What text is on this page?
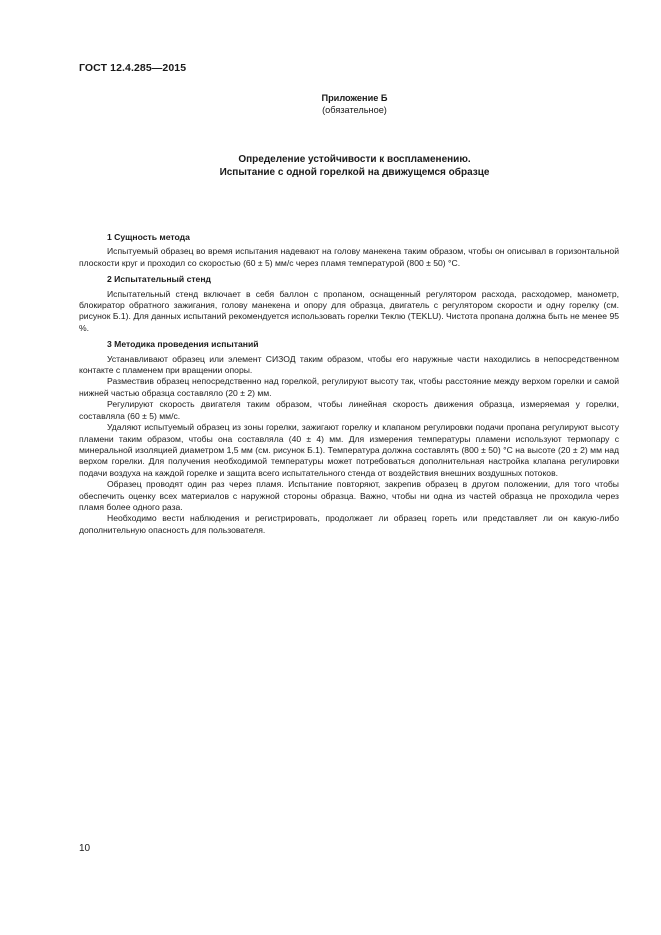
ГОСТ 12.4.285—2015
Приложение Б
(обязательное)
Определение устойчивости к воспламенению.
Испытание с одной горелкой на движущемся образце

1 Сущность метода

Испытуемый образец во время испытания надевают на голову манекена таким образом, чтобы он описывал в горизонтальной плоскости круг и проходил со скоростью (60 ± 5) мм/с через пламя температурой (800 ± 50) °С.

2 Испытательный стенд

Испытательный стенд включает в себя баллон с пропаном, оснащенный регулятором расхода, расходомер, манометр, блокиратор обратного зажигания, голову манекена и опору для образца, двигатель с регулятором скорости и одну горелку (см. рисунок Б.1). Для данных испытаний рекомендуется использовать горелки Теклю (TEKLU). Чистота пропана должна быть не менее 95 %.

3 Методика проведения испытаний

Устанавливают образец или элемент СИЗОД таким образом, чтобы его наружные части находились в непосредственном контакте с пламенем при вращении опоры.

Размествив образец непосредственно над горелкой, регулируют высоту так, чтобы расстояние между верхом горелки и самой нижней частью образца составляло (20 ± 2) мм.

Регулируют скорость двигателя таким образом, чтобы линейная скорость движения образца, измеряемая у горелки, составляла (60 ± 5) мм/с.

Удаляют испытуемый образец из зоны горелки, зажигают горелку и клапаном регулировки подачи пропана регулируют высоту пламени таким образом, чтобы она составляла (40 ± 4) мм. Для измерения температуры пламени используют термопару с минеральной изоляцией диаметром 1,5 мм (см. рисунок Б.1). Температура должна составлять (800 ± 50) °С на высоте (20 ± 2) мм над верхом горелки. Для получения необходимой температуры может потребоваться дополнительная настройка клапана регулировки подачи воздуха на каждой горелке и защита всего испытательного стенда от воздействия внешних воздушных потоков.

Образец проводят один раз через пламя. Испытание повторяют, закрепив образец в другом положении, для того чтобы обеспечить оценку всех материалов с наружной стороны образца. Важно, чтобы ни одна из частей образца не проходила через пламя более одного раза.

Необходимо вести наблюдения и регистрировать, продолжает ли образец гореть или представляет ли он какую-либо дополнительную опасность для пользователя.

10
